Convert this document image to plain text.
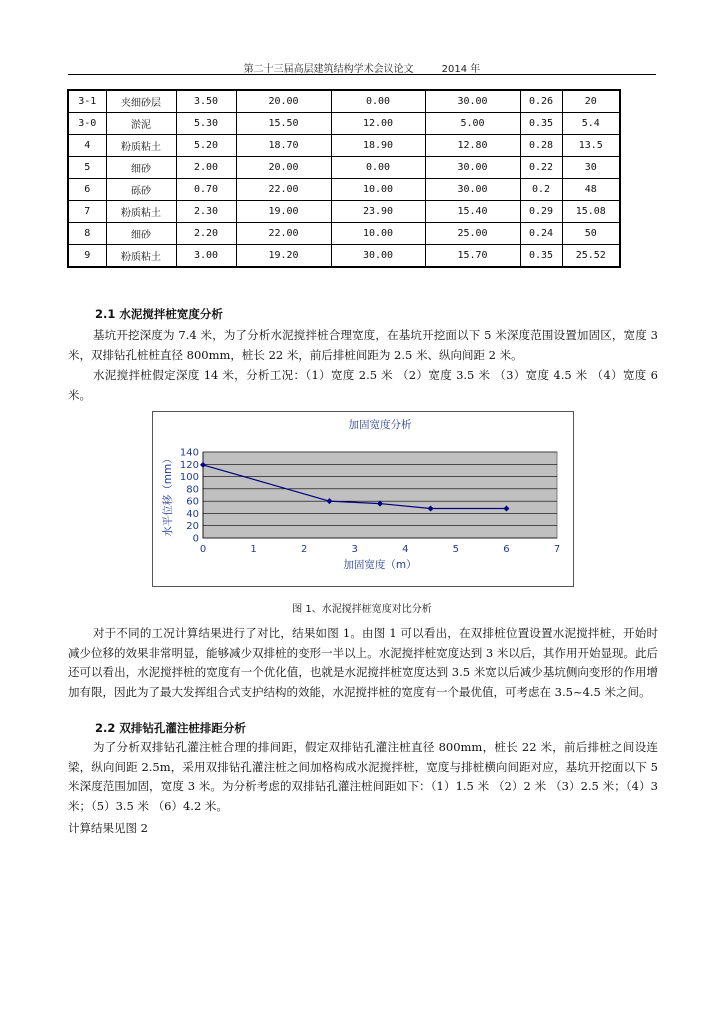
第二十三届高层建筑结构学术会议论文	2014 年
3-1	夹细砂层	3.50	20.00	0.00	30.00	0.26	20
3-0	淤泥	5.30	15.50	12.00	5.00	0.35	5.4
4	粉质粘土	5.20	18.70	18.90	12.80	0.28	13.5
5	细砂	2.00	20.00	0.00	30.00	0.22	30
6	砾砂	0.70	22.00	10.00	30.00	0.2	48
7	粉质粘土	2.30	19.00	23.90	15.40	0.29	15.08
8	细砂	2.20	22.00	10.00	25.00	0.24	50
9	粉质粘土	3.00	19.20	30.00	15.70	0.35	25.52
2.1 水泥搅拌桩宽度分析

基坑开挖深度为 7.4 米，为了分析水泥搅拌桩合理宽度，在基坑开挖面以下 5 米深度范围设置加固区，宽度 3 米，双排钻孔桩桩直径 800mm，桩长 22 米，前后排桩间距为 2.5 米、纵向间距 2 米。

水泥搅拌桩假定深度 14 米，分析工况：（1）宽度 2.5 米 （2）宽度 3.5 米 （3）宽度 4.5 米 （4）宽度 6 米。

0
20
40
60
80
100
120
140
0	1	2	3	4	5	6	7
加固宽度分析
加固宽度（m）
水平位移（mm）
图 1、水泥搅拌桩宽度对比分析

对于不同的工况计算结果进行了对比，结果如图 1。由图 1 可以看出，在双排桩位置设置水泥搅拌桩，开始时减少位移的效果非常明显，能够减少双排桩的变形一半以上。水泥搅拌桩宽度达到 3 米以后，其作用开始显现。此后还可以看出，水泥搅拌桩的宽度有一个优化值，也就是水泥搅拌桩宽度达到 3.5 米宽以后减少基坑侧向变形的作用增加有限，因此为了最大发挥组合式支护结构的效能，水泥搅拌桩的宽度有一个最优值，可考虑在 3.5~4.5 米之间。

2.2 双排钻孔灌注桩排距分析

为了分析双排钻孔灌注桩合理的排间距，假定双排钻孔灌注桩直径 800mm，桩长 22 米，前后排桩之间设连梁，纵向间距 2.5m，采用双排钻孔灌注桩之间加格构成水泥搅拌桩，宽度与排桩横向间距对应，基坑开挖面以下 5 米深度范围加固，宽度 3 米。为分析考虑的双排钻孔灌注桩间距如下：（1）1.5 米 （2）2 米 （3）2.5 米；（4）3 米；（5）3.5 米 （6）4.2 米。

计算结果见图 2
